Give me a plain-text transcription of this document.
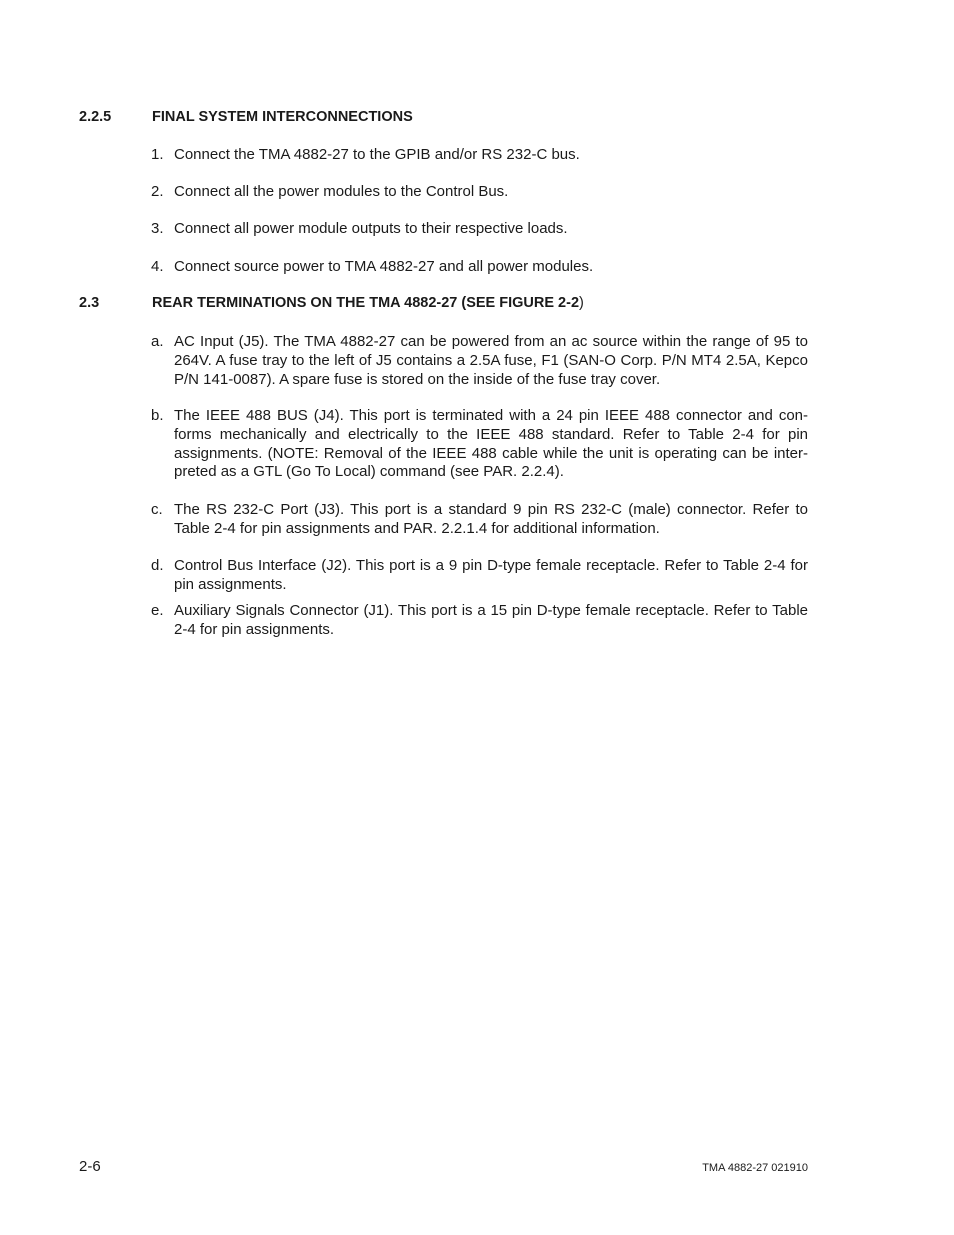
2.2.5	FINAL SYSTEM INTERCONNECTIONS
1. Connect the TMA 4882-27 to the GPIB and/or RS 232-C bus.
2. Connect all the power modules to the Control Bus.
3. Connect all power module outputs to their respective loads.
4. Connect source power to TMA 4882-27 and all power modules.
2.3	REAR TERMINATIONS ON THE TMA 4882-27 (SEE FIGURE 2-2)
a. AC Input (J5). The TMA 4882-27 can be powered from an ac source within the range of 95 to 264V. A fuse tray to the left of J5 contains a 2.5A fuse, F1 (SAN-O Corp. P/N MT4 2.5A, Kepco P/N 141-0087). A spare fuse is stored on the inside of the fuse tray cover.
b. The IEEE 488 BUS (J4). This port is terminated with a 24 pin IEEE 488 connector and conforms mechanically and electrically to the IEEE 488 standard. Refer to Table 2-4 for pin assignments. (NOTE: Removal of the IEEE 488 cable while the unit is operating can be interpreted as a GTL (Go To Local) command (see PAR. 2.2.4).
c. The RS 232-C Port (J3). This port is a standard 9 pin RS 232-C (male) connector. Refer to Table 2-4 for pin assignments and PAR. 2.2.1.4 for additional information.
d. Control Bus Interface (J2). This port is a 9 pin D-type female receptacle. Refer to Table 2-4 for pin assignments.
e. Auxiliary Signals Connector (J1). This port is a 15 pin D-type female receptacle. Refer to Table 2-4 for pin assignments.
2-6	TMA 4882-27 021910
